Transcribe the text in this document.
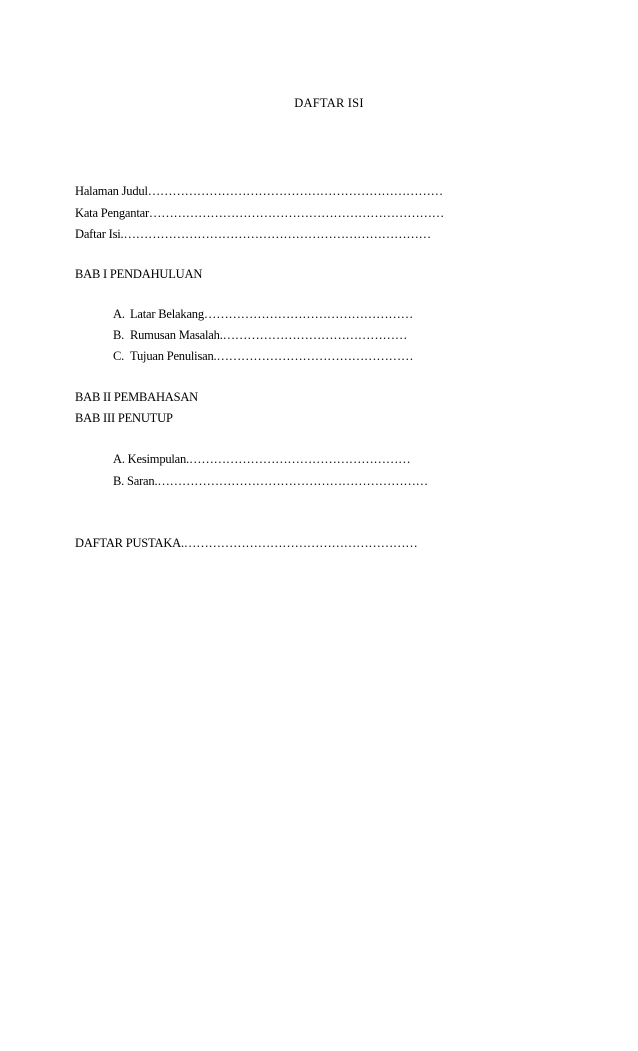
DAFTAR ISI
Halaman Judul………………………………………………………………
Kata Pengantar………………………………………………………………
Daftar Isi.…………………………………………………………………
BAB I PENDAHULUAN
A. Latar Belakang……………………………………………
B. Rumusan Masalah.………………………………………
C. Tujuan Penulisan.…………………………………………
BAB II PEMBAHASAN
BAB III PENUTUP
A. Kesimpulan.………………………………………………
B. Saran.…………………………………………………………
DAFTAR PUSTAKA.…………………………………………………
